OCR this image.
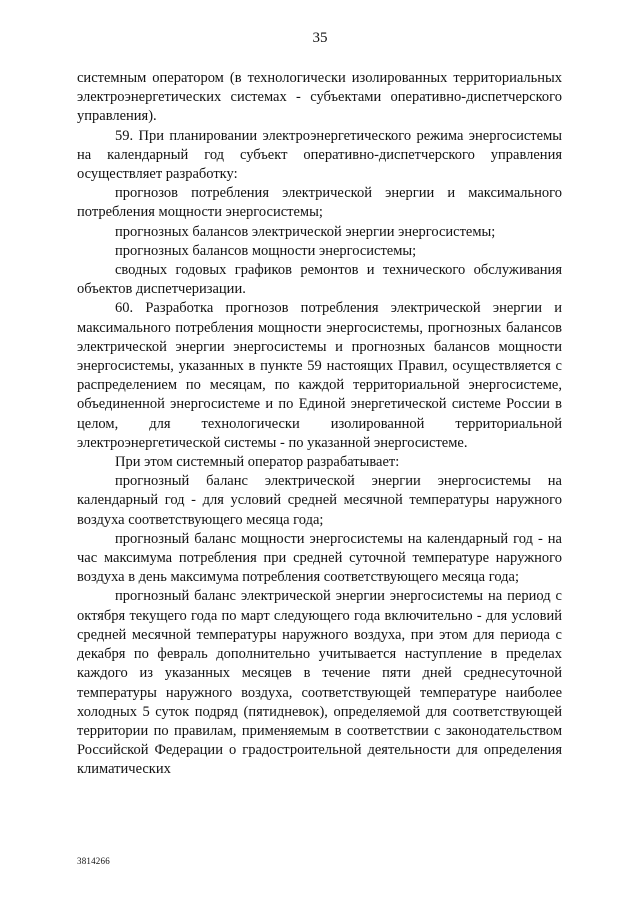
35

системным оператором (в технологически изолированных территориальных электроэнергетических системах - субъектами оперативно-диспетчерского управления).

59. При планировании электроэнергетического режима энергосистемы на календарный год субъект оперативно-диспетчерского управления осуществляет разработку:

прогнозов потребления электрической энергии и максимального потребления мощности энергосистемы;

прогнозных балансов электрической энергии энергосистемы;

прогнозных балансов мощности энергосистемы;

сводных годовых графиков ремонтов и технического обслуживания объектов диспетчеризации.

60. Разработка прогнозов потребления электрической энергии и максимального потребления мощности энергосистемы, прогнозных балансов электрической энергии энергосистемы и прогнозных балансов мощности энергосистемы, указанных в пункте 59 настоящих Правил, осуществляется с распределением по месяцам, по каждой территориальной энергосистеме, объединенной энергосистеме и по Единой энергетической системе России в целом, для технологически изолированной территориальной электроэнергетической системы - по указанной энергосистеме.

При этом системный оператор разрабатывает:

прогнозный баланс электрической энергии энергосистемы на календарный год - для условий средней месячной температуры наружного воздуха соответствующего месяца года;

прогнозный баланс мощности энергосистемы на календарный год - на час максимума потребления при средней суточной температуре наружного воздуха в день максимума потребления соответствующего месяца года;

прогнозный баланс электрической энергии энергосистемы на период с октября текущего года по март следующего года включительно - для условий средней месячной температуры наружного воздуха, при этом для периода с декабря по февраль дополнительно учитывается наступление в пределах каждого из указанных месяцев в течение пяти дней среднесуточной температуры наружного воздуха, соответствующей температуре наиболее холодных 5 суток подряд (пятидневок), определяемой для соответствующей территории по правилам, применяемым в соответствии с законодательством Российской Федерации о градостроительной деятельности для определения климатических

3814266
